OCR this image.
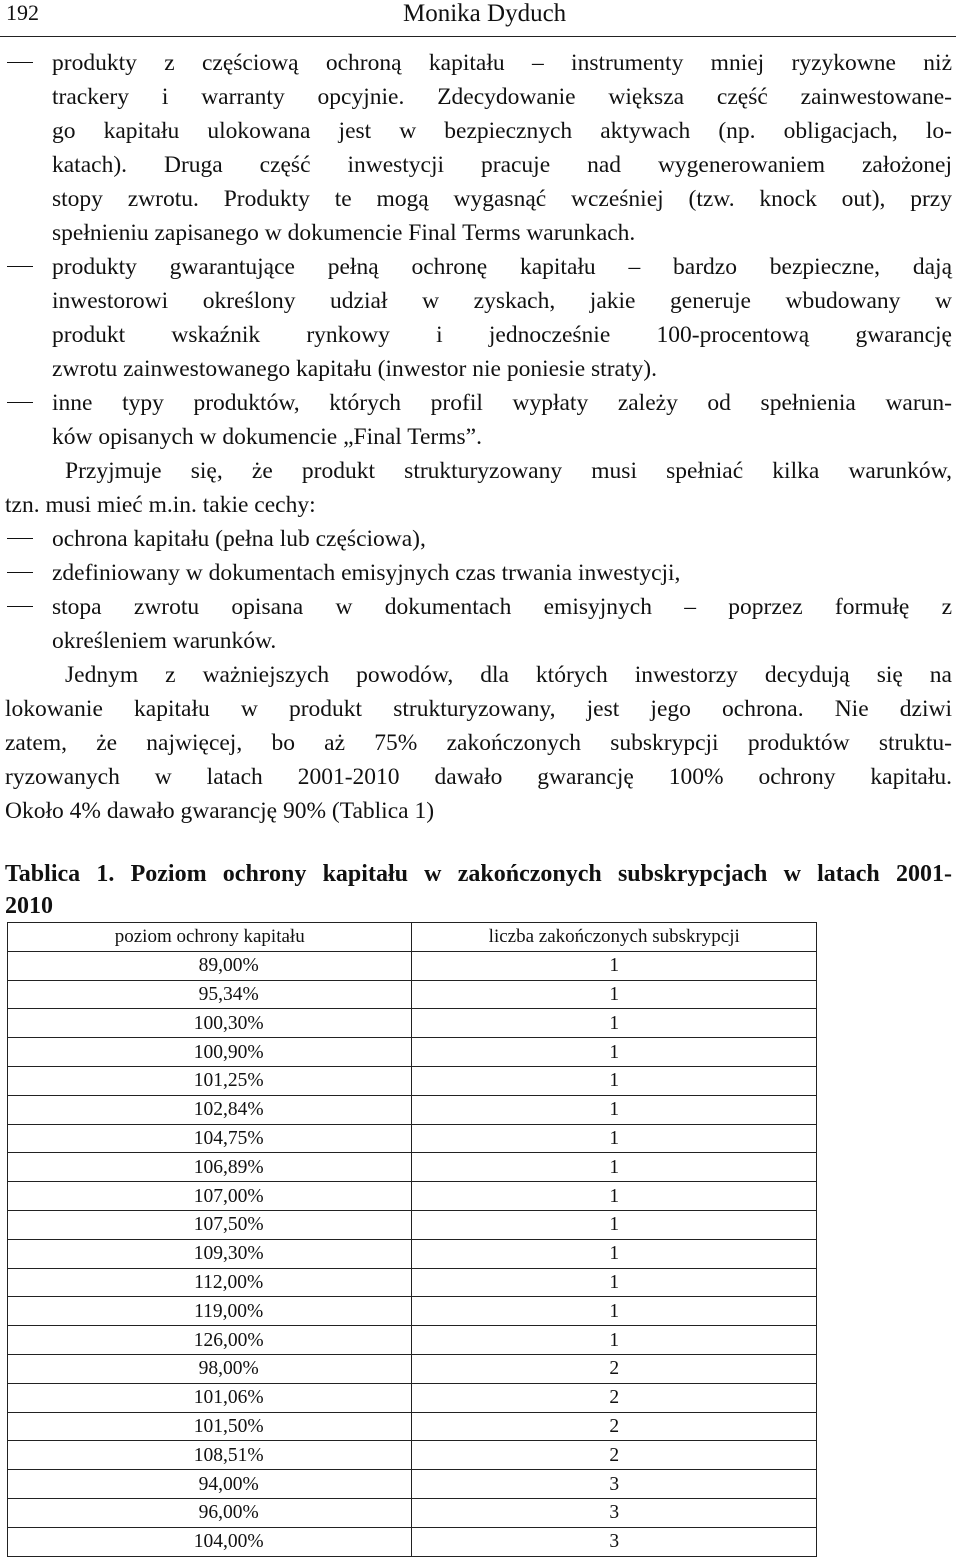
192	Monika Dyduch
produkty z częściową ochroną kapitału – instrumenty mniej ryzykowne niż
trackery i warranty opcyjnie. Zdecydowanie większa część zainwestowane-
go kapitału ulokowana jest w bezpiecznych aktywach (np. obligacjach, lo-
katach). Druga część inwestycji pracuje nad wygenerowaniem założonej
stopy zwrotu. Produkty te mogą wygasnąć wcześniej (tzw. knock out), przy
spełnieniu zapisanego w dokumencie Final Terms warunkach.
produkty gwarantujące pełną ochronę kapitału – bardzo bezpieczne, dają
inwestorowi określony udział w zyskach, jakie generuje wbudowany w
produkt wskaźnik rynkowy i jednocześnie 100-procentową gwarancję
zwrotu zainwestowanego kapitału (inwestor nie poniesie straty).
inne typy produktów, których profil wypłaty zależy od spełnienia warun-
ków opisanych w dokumencie „Final Terms”.
Przyjmuje się, że produkt strukturyzowany musi spełniać kilka warunków,
tzn. musi mieć m.in. takie cechy:
ochrona kapitału (pełna lub częściowa),
zdefiniowany w dokumentach emisyjnych czas trwania inwestycji,
stopa zwrotu opisana w dokumentach emisyjnych – poprzez formułę z
określeniem warunków.
Jednym z ważniejszych powodów, dla których inwestorzy decydują się na
lokowanie kapitału w produkt strukturyzowany, jest jego ochrona. Nie dziwi
zatem, że najwięcej, bo aż 75% zakończonych subskrypcji produktów struktu-
ryzowanych w latach 2001-2010 dawało gwarancję 100% ochrony kapitału.
Około 4% dawało gwarancję 90% (Tablica 1)
Tablica 1. Poziom ochrony kapitału w zakończonych subskrypcjach w latach 2001-
2010
poziom ochrony kapitału	liczba zakończonych subskrypcji
89,00%	1
95,34%	1
100,30%	1
100,90%	1
101,25%	1
102,84%	1
104,75%	1
106,89%	1
107,00%	1
107,50%	1
109,30%	1
112,00%	1
119,00%	1
126,00%	1
98,00%	2
101,06%	2
101,50%	2
108,51%	2
94,00%	3
96,00%	3
104,00%	3
